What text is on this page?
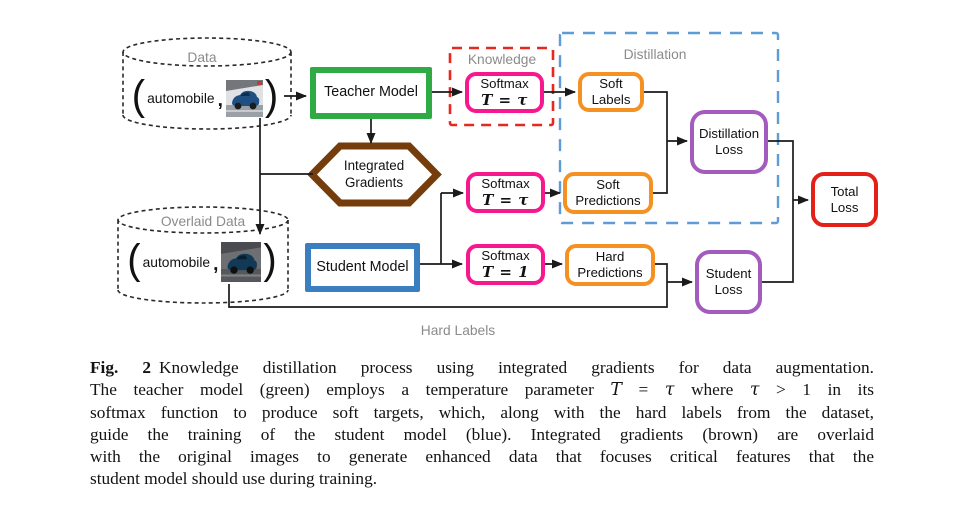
Knowledge	Distillation
Data
Overlaid Data
Hard Labels
( automobile , )
( automobile , )
Integrated
Gradients
Teacher Model
Student Model
Softmax
T = τ
Softmax
T = τ
Softmax
T = 1
Soft
Labels
Soft
Predictions
Hard
Predictions
Distillation
Loss
Student
Loss
Total
Loss
Fig. 2 Knowledge distillation process using integrated gradients for data augmentation.
The teacher model (green) employs a temperature parameter T = τ where τ > 1 in its
softmax function to produce soft targets, which, along with the hard labels from the dataset,
guide the training of the student model (blue). Integrated gradients (brown) are overlaid
with the original images to generate enhanced data that focuses critical features that the
student model should use during training.
